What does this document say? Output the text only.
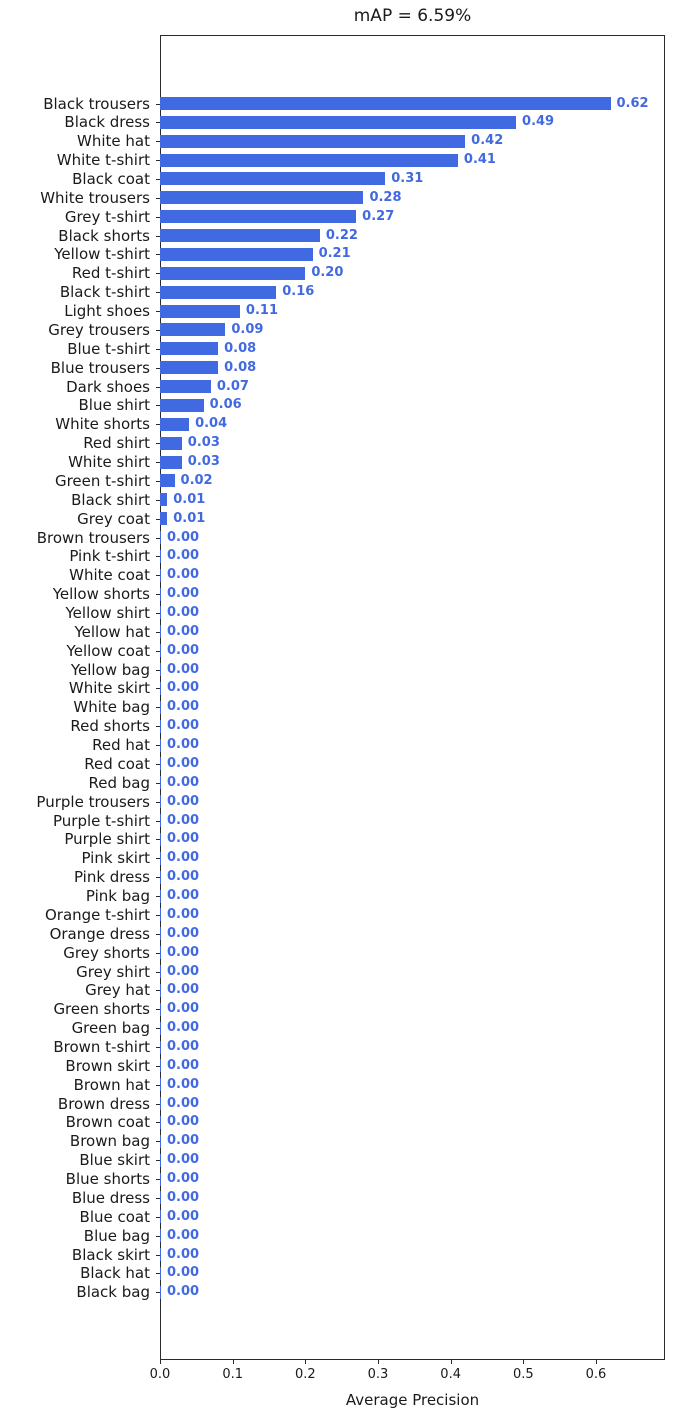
mAP = 6.59%
Average Precision
Black trousers	0.62
Black dress	0.49
White hat	0.42
White t-shirt	0.41
Black coat	0.31
White trousers	0.28
Grey t-shirt	0.27
Black shorts	0.22
Yellow t-shirt	0.21
Red t-shirt	0.20
Black t-shirt	0.16
Light shoes	0.11
Grey trousers	0.09
Blue t-shirt	0.08
Blue trousers	0.08
Dark shoes	0.07
Blue shirt	0.06
White shorts	0.04
Red shirt	0.03
White shirt	0.03
Green t-shirt 0.02
Black shirt 0.01
Grey coat 0.01
Brown trousers 0.00
Pink t-shirt 0.00
White coat 0.00
Yellow shorts 0.00
Yellow shirt 0.00
Yellow hat 0.00
Yellow coat 0.00
Yellow bag 0.00
White skirt 0.00
White bag 0.00
Red shorts 0.00
Red hat 0.00
Red coat 0.00
Red bag 0.00
Purple trousers 0.00
Purple t-shirt 0.00
Purple shirt 0.00
Pink skirt 0.00
Pink dress 0.00
Pink bag 0.00
Orange t-shirt 0.00
Orange dress 0.00
Grey shorts 0.00
Grey shirt 0.00
Grey hat 0.00
Green shorts 0.00
Green bag 0.00
Brown t-shirt 0.00
Brown skirt 0.00
Brown hat 0.00
Brown dress 0.00
Brown coat 0.00
Brown bag 0.00
Blue skirt 0.00
Blue shorts 0.00
Blue dress 0.00
Blue coat 0.00
Blue bag 0.00
Black skirt 0.00
Black hat 0.00
Black bag 0.00
0.0	0.1	0.2	0.3	0.4	0.5	0.6
